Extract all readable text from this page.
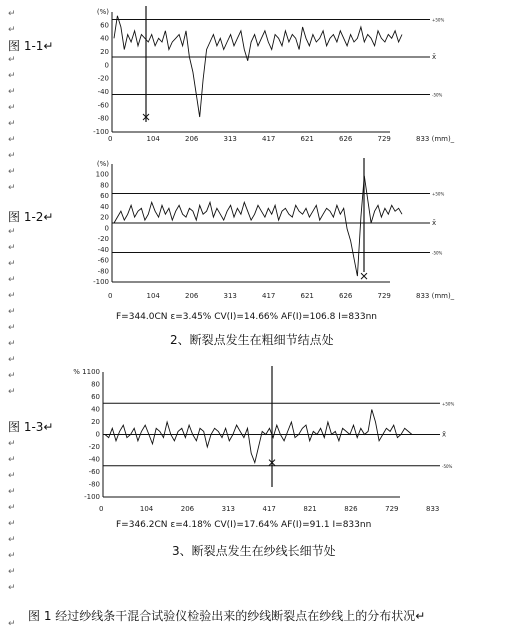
↵
↵
↵
↵
↵
↵
↵
↵
↵
↵
↵
↵
↵
↵
↵
↵
↵
↵
↵
↵
↵
↵
↵
↵
↵
↵
↵
↵
↵
↵
↵
↵
↵
图 1-1↵
图 1-2↵
图 1-3↵
(%)
60
40
20
0
-20
-40
-60
-80
-100
0	104	206	313	417	621	626	729	833 (mm)_
+50%
x̄
-50%
(%)
100
80
60
40
20
0
-20
-40
-60
-80
-100
0	104	206	313	417	621	626	729	833 (mm)_
+50%
x̄
-50%
% 1100
80
60
40
20
0
-20
-40
-60
-80
-100
0	104	206	313	417	821	826	729	833
+50%
x̄
-50%
F=344.0CN ε=3.45% CV(I)=14.66% AF(I)=106.8 I=833nn
2、断裂点发生在粗细节结点处
F=346.2CN ε=4.18% CV(I)=17.64% AF(I)=91.1 I=833nn
3、断裂点发生在纱线长细节处
图 1 经过纱线条干混合试验仪检验出来的纱线断裂点在纱线上的分布状况↵
